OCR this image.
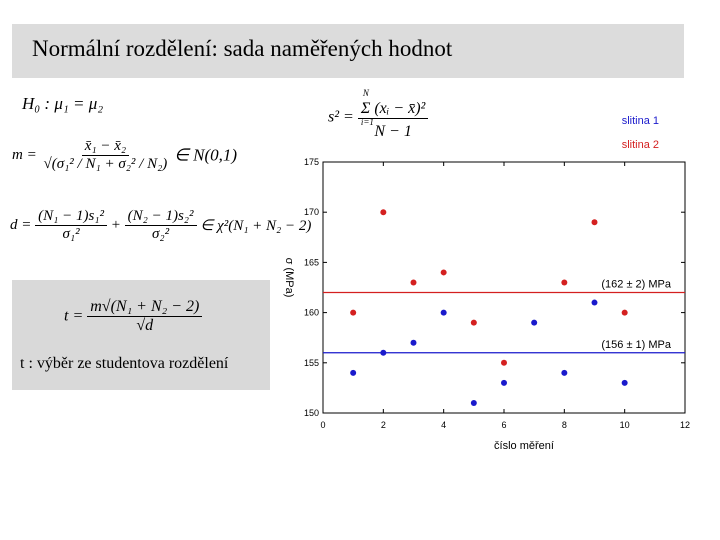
Normální rozdělení: sada naměřených hodnot
H₀ : μ₁ = μ₂
s² = N
Σ (xᵢ − x̄)²
i=1
N − 1
$m = \frac{\text{x̄₁ − x̄₂}}{\text{√(σ₁² / N₁ + σ₂² / N₂)}}$ ∈ N(0,1)
$d = \frac{\text{(N₁ − 1)s₁²}}{\text{σ₁²}} + \frac{\text{(N₂ − 1)s₂²}}{\text{σ₂²}}$ ∈ χ²(N₁ + N₂ − 2)
$t = \frac{\text{m√(N₁ + N₂ − 2)}}{√d}$
t : výběr ze studentova rozdělení
0	2	4	6	8	10	12
150
155
160
165
170
175
číslo měření
σ (MPa)
(156 ± 1) MPa
(162 ± 2) MPa
slitina 1
slitina 2
